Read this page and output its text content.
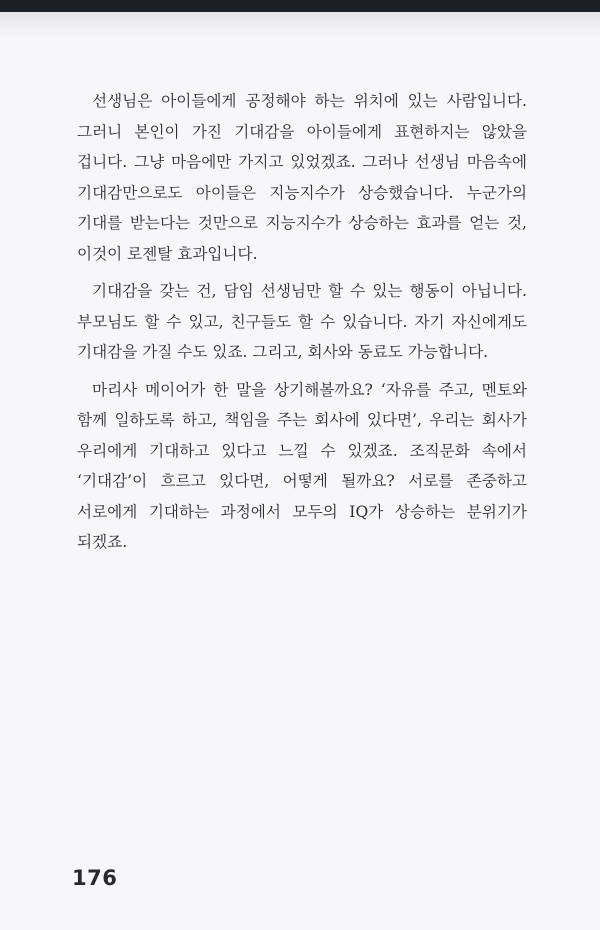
선생님은 아이들에게 공정해야 하는 위치에 있는 사람입니다. 그러니 본인이 가진 기대감을 아이들에게 표현하지는 않았을 겁니다. 그냥 마음에만 가지고 있었겠죠. 그러나 선생님 마음속에 기대감만으로도 아이들은 지능지수가 상승했습니다. 누군가의 기대를 받는다는 것만으로 지능지수가 상승하는 효과를 얻는 것, 이것이 로젠탈 효과입니다.

기대감을 갖는 건, 담임 선생님만 할 수 있는 행동이 아닙니다. 부모님도 할 수 있고, 친구들도 할 수 있습니다. 자기 자신에게도 기대감을 가질 수도 있죠. 그리고, 회사와 동료도 가능합니다.

마리사 메이어가 한 말을 상기해볼까요? ‘자유를 주고, 멘토와 함께 일하도록 하고, 책임을 주는 회사에 있다면’, 우리는 회사가 우리에게 기대하고 있다고 느낄 수 있겠죠. 조직문화 속에서 ‘기대감’이 흐르고 있다면, 어떻게 될까요? 서로를 존중하고 서로에게 기대하는 과정에서 모두의 IQ가 상승하는 분위기가 되겠죠.

176
